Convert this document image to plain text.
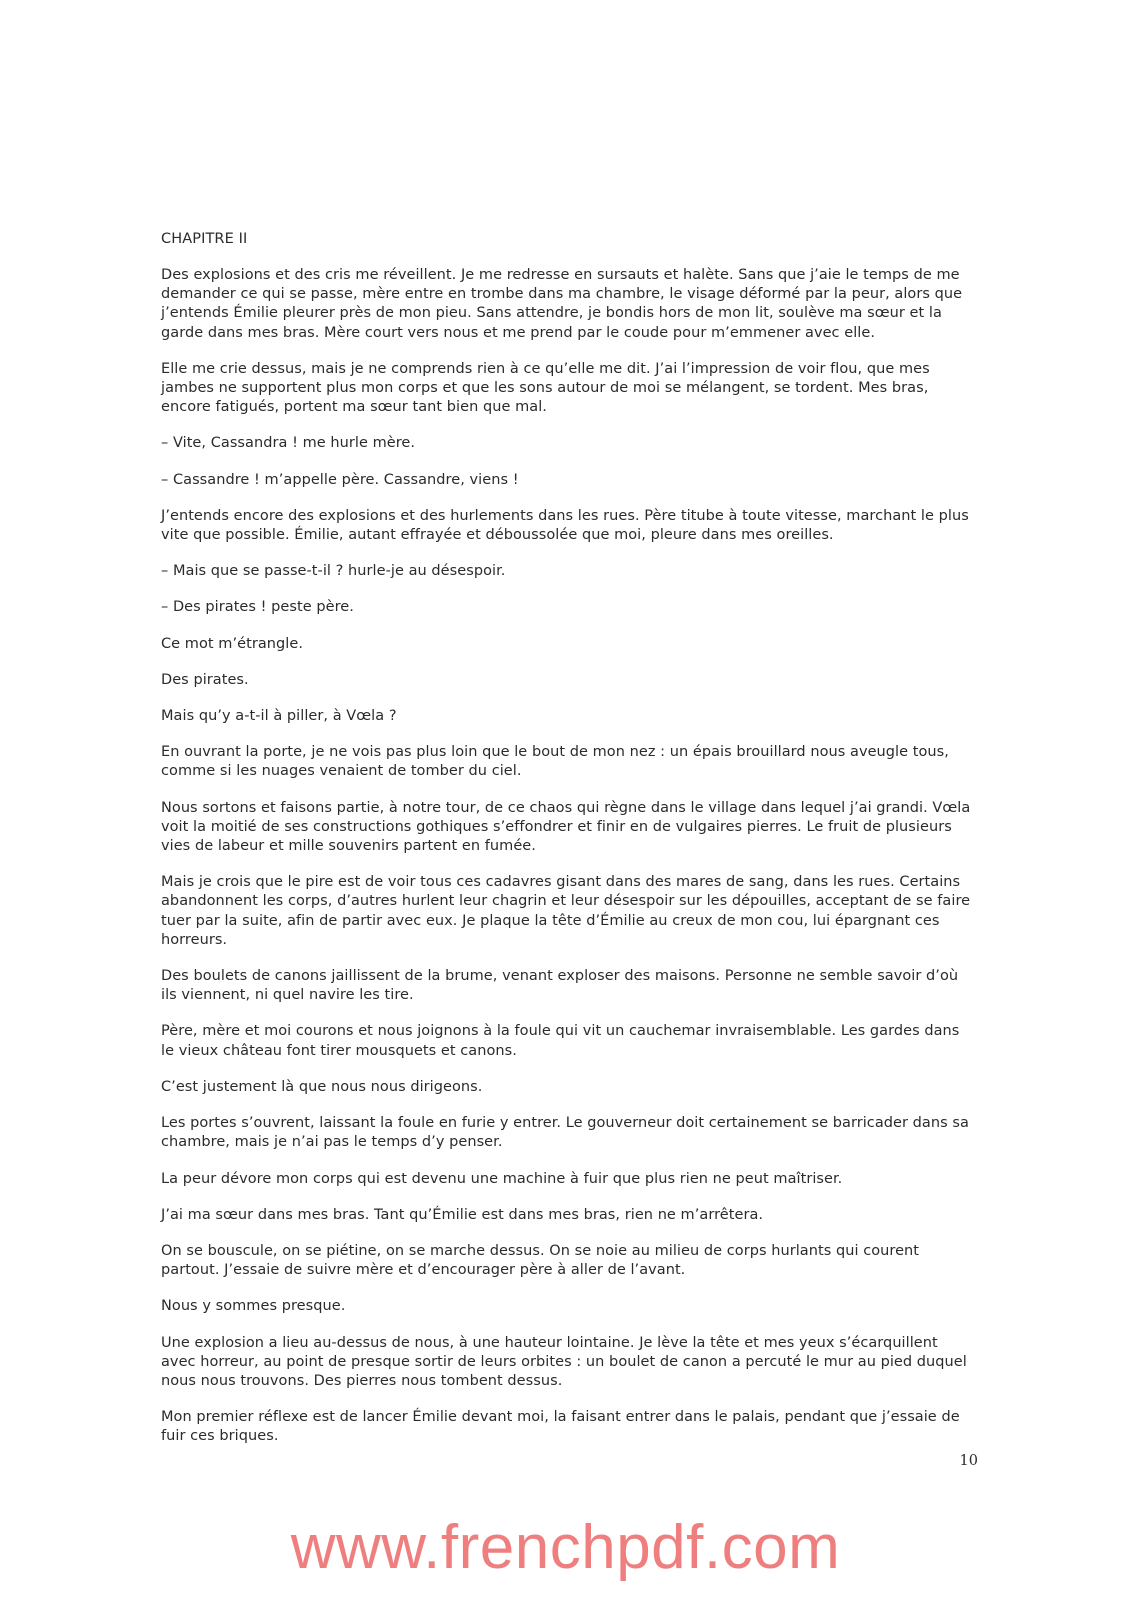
CHAPITRE II

Des explosions et des cris me réveillent. Je me redresse en sursauts et halète. Sans que j’aie le temps de me demander ce qui se passe, mère entre en trombe dans ma chambre, le visage déformé par la peur, alors que j’entends Émilie pleurer près de mon pieu. Sans attendre, je bondis hors de mon lit, soulève ma sœur et la garde dans mes bras. Mère court vers nous et me prend par le coude pour m’emmener avec elle.

Elle me crie dessus, mais je ne comprends rien à ce qu’elle me dit. J’ai l’impression de voir flou, que mes jambes ne supportent plus mon corps et que les sons autour de moi se mélangent, se tordent. Mes bras, encore fatigués, portent ma sœur tant bien que mal.

– Vite, Cassandra ! me hurle mère.

– Cassandre ! m’appelle père. Cassandre, viens !

J’entends encore des explosions et des hurlements dans les rues. Père titube à toute vitesse, marchant le plus vite que possible. Émilie, autant effrayée et déboussolée que moi, pleure dans mes oreilles.

– Mais que se passe-t-il ? hurle-je au désespoir.

– Des pirates ! peste père.

Ce mot m’étrangle.

Des pirates.

Mais qu’y a-t-il à piller, à Vœla ?

En ouvrant la porte, je ne vois pas plus loin que le bout de mon nez : un épais brouillard nous aveugle tous, comme si les nuages venaient de tomber du ciel.

Nous sortons et faisons partie, à notre tour, de ce chaos qui règne dans le village dans lequel j’ai grandi. Vœla voit la moitié de ses constructions gothiques s’effondrer et finir en de vulgaires pierres. Le fruit de plusieurs vies de labeur et mille souvenirs partent en fumée.

Mais je crois que le pire est de voir tous ces cadavres gisant dans des mares de sang, dans les rues. Certains abandonnent les corps, d’autres hurlent leur chagrin et leur désespoir sur les dépouilles, acceptant de se faire tuer par la suite, afin de partir avec eux. Je plaque la tête d’Émilie au creux de mon cou, lui épargnant ces horreurs.

Des boulets de canons jaillissent de la brume, venant exploser des maisons. Personne ne semble savoir d’où ils viennent, ni quel navire les tire.

Père, mère et moi courons et nous joignons à la foule qui vit un cauchemar invraisemblable. Les gardes dans le vieux château font tirer mousquets et canons.

C’est justement là que nous nous dirigeons.

Les portes s’ouvrent, laissant la foule en furie y entrer. Le gouverneur doit certainement se barricader dans sa chambre, mais je n’ai pas le temps d’y penser.

La peur dévore mon corps qui est devenu une machine à fuir que plus rien ne peut maîtriser.

J’ai ma sœur dans mes bras. Tant qu’Émilie est dans mes bras, rien ne m’arrêtera.

On se bouscule, on se piétine, on se marche dessus. On se noie au milieu de corps hurlants qui courent partout. J’essaie de suivre mère et d’encourager père à aller de l’avant.

Nous y sommes presque.

Une explosion a lieu au-dessus de nous, à une hauteur lointaine. Je lève la tête et mes yeux s’écarquillent avec horreur, au point de presque sortir de leurs orbites : un boulet de canon a percuté le mur au pied duquel nous nous trouvons. Des pierres nous tombent dessus.

Mon premier réflexe est de lancer Émilie devant moi, la faisant entrer dans le palais, pendant que j’essaie de fuir ces briques.

10
www.frenchpdf.com
